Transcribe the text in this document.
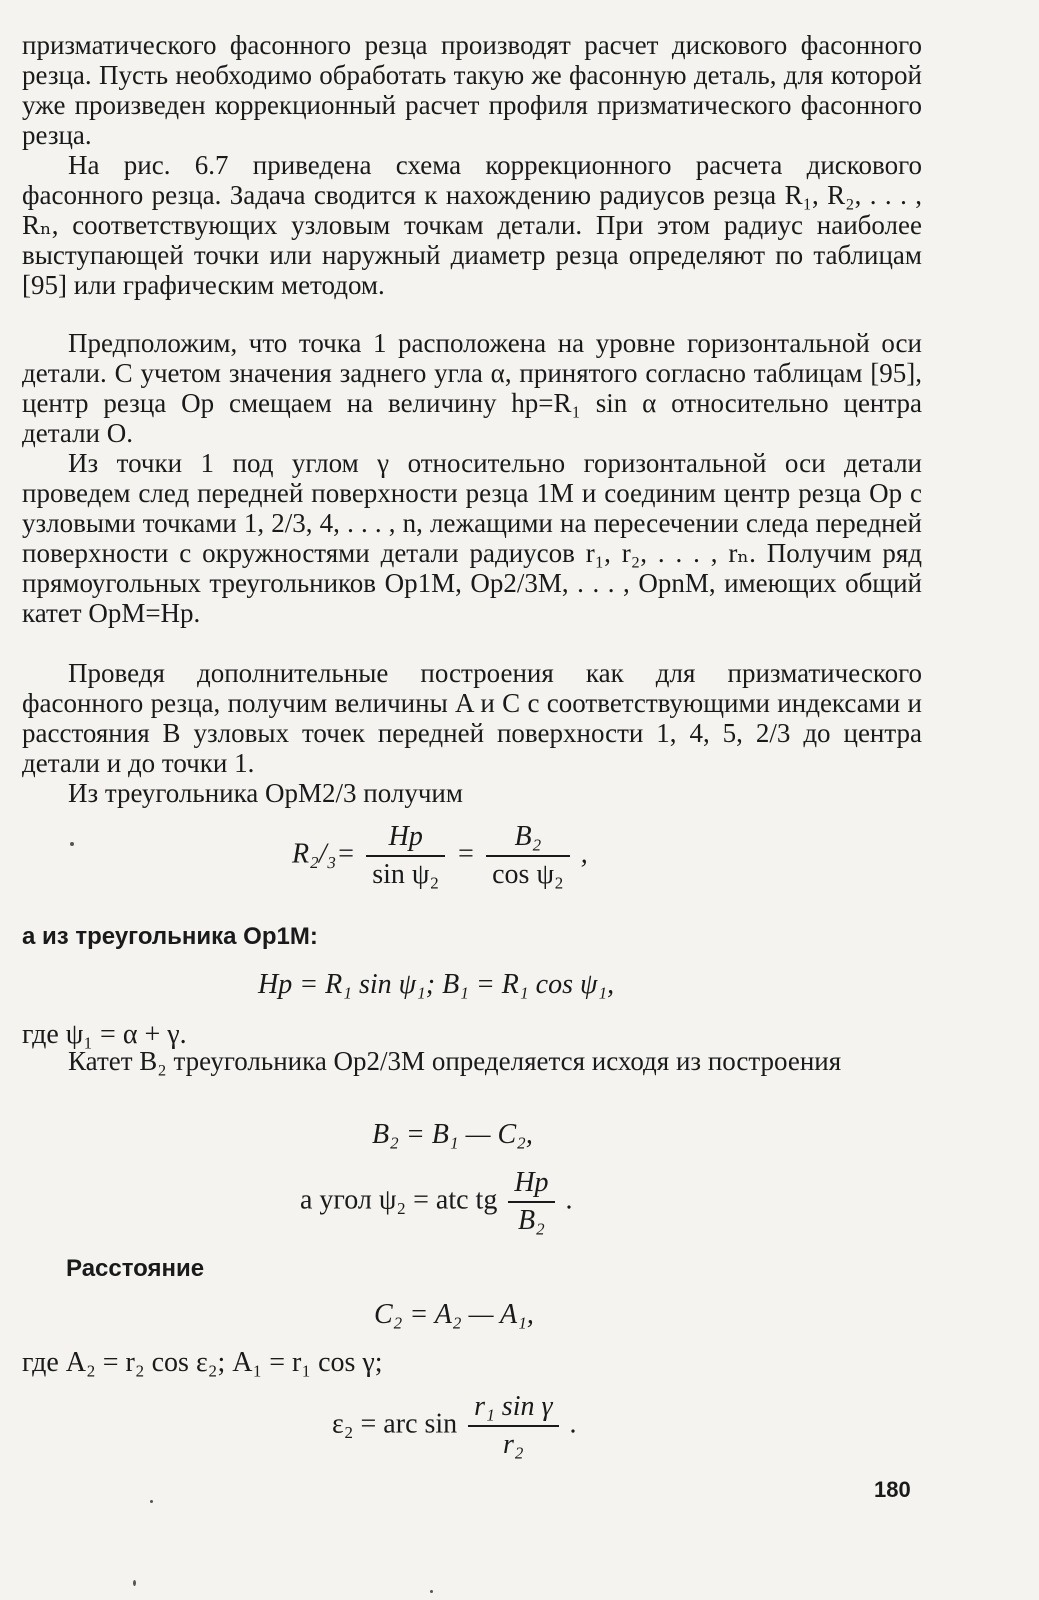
призматического фасонного резца производят расчет дискового фасонного резца. Пусть необходимо обработать такую же фасонную деталь, для которой уже произведен коррекционный расчет профиля призматического фасонного резца.

На рис. 6.7 приведена схема коррекционного расчета дискового фасонного резца. Задача сводится к нахождению радиусов резца R₁, R₂, . . . , Rₙ, соответствующих узловым точкам детали. При этом радиус наиболее выступающей точки или наружный диаметр резца определяют по таблицам [95] или графическим методом.

Предположим, что точка 1 расположена на уровне горизонтальной оси детали. С учетом значения заднего угла α, принятого согласно таблицам [95], центр резца Oр смещаем на величину hр=R₁ sin α относительно центра детали O.

Из точки 1 под углом γ относительно горизонтальной оси детали проведем след передней поверхности резца 1M и соединим центр резца Oр с узловыми точками 1, 2/3, 4, . . . , n, лежащими на пересечении следа передней поверхности с окружностями детали радиусов r₁, r₂, . . . , rₙ. Получим ряд прямоугольных треугольников Oр1M, Oр2/3M, . . . , OрnM, имеющих общий катет OрM=Hр.

Проведя дополнительные построения как для призматического фасонного резца, получим величины A и C с соответствующими индексами и расстояния B узловых точек передней поверхности 1, 4, 5, 2/3 до центра детали и до точки 1.

Из треугольника OрM2/3 получим

$R_2/_3= \frac{Hр}{\text{sin ψ₂}} = \frac{\text{B₂}}{\text{cos ψ₂}}$ ,
а из треугольника Oр1M:
Hр = R₁ sin ψ₁; B₁ = R₁ cos ψ₁,
где ψ₁ = α + γ.

Катет B₂ треугольника Oр2/3M определяется исходя из построения

B₂ = B₁ — C₂,
а угол ψ₂ = atc tg $\frac{Hр}{\text{B₂}}$ .
Расстояние
C₂ = A₂ — A₁,
где A₂ = r₂ cos ε₂; A₁ = r₁ cos γ;
ε₂ = arc $\sin \frac{\text{r₁ sin γ}}{\text{r₂}}$ .
180
